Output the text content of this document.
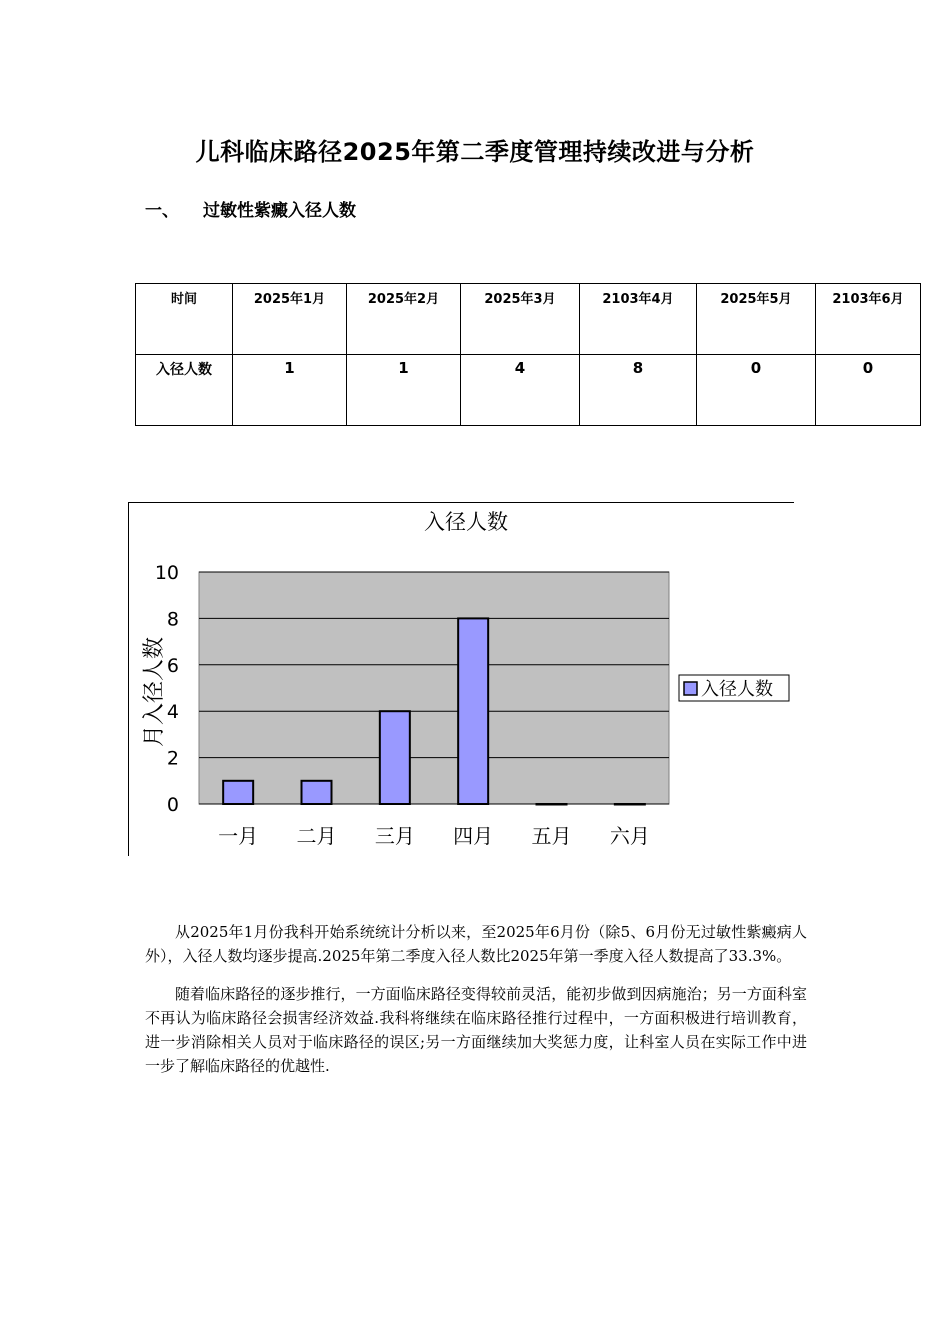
儿科临床路径2025年第二季度管理持续改进与分析
一、 过敏性紫癜入径人数
时间	2025年1月	2025年2月	2025年3月	2103年4月	2025年5月	2103年6月
入径人数	1	1	4	8	0	0
0
2
4
6
8
10
一月 二月 三月 四月 五月 六月
入径人数
月入径人数	入径人数

从2025年1月份我科开始系统统计分析以来，至2025年6月份（除5、6月份无过敏性紫癜病人外），入径人数均逐步提高.2025年第二季度入径人数比2025年第一季度入径人数提高了33.3%。

随着临床路径的逐步推行，一方面临床路径变得较前灵活，能初步做到因病施治；另一方面科室不再认为临床路径会损害经济效益.我科将继续在临床路径推行过程中，一方面积极进行培训教育，进一步消除相关人员对于临床路径的误区;另一方面继续加大奖惩力度，让科室人员在实际工作中进一步了解临床路径的优越性.
